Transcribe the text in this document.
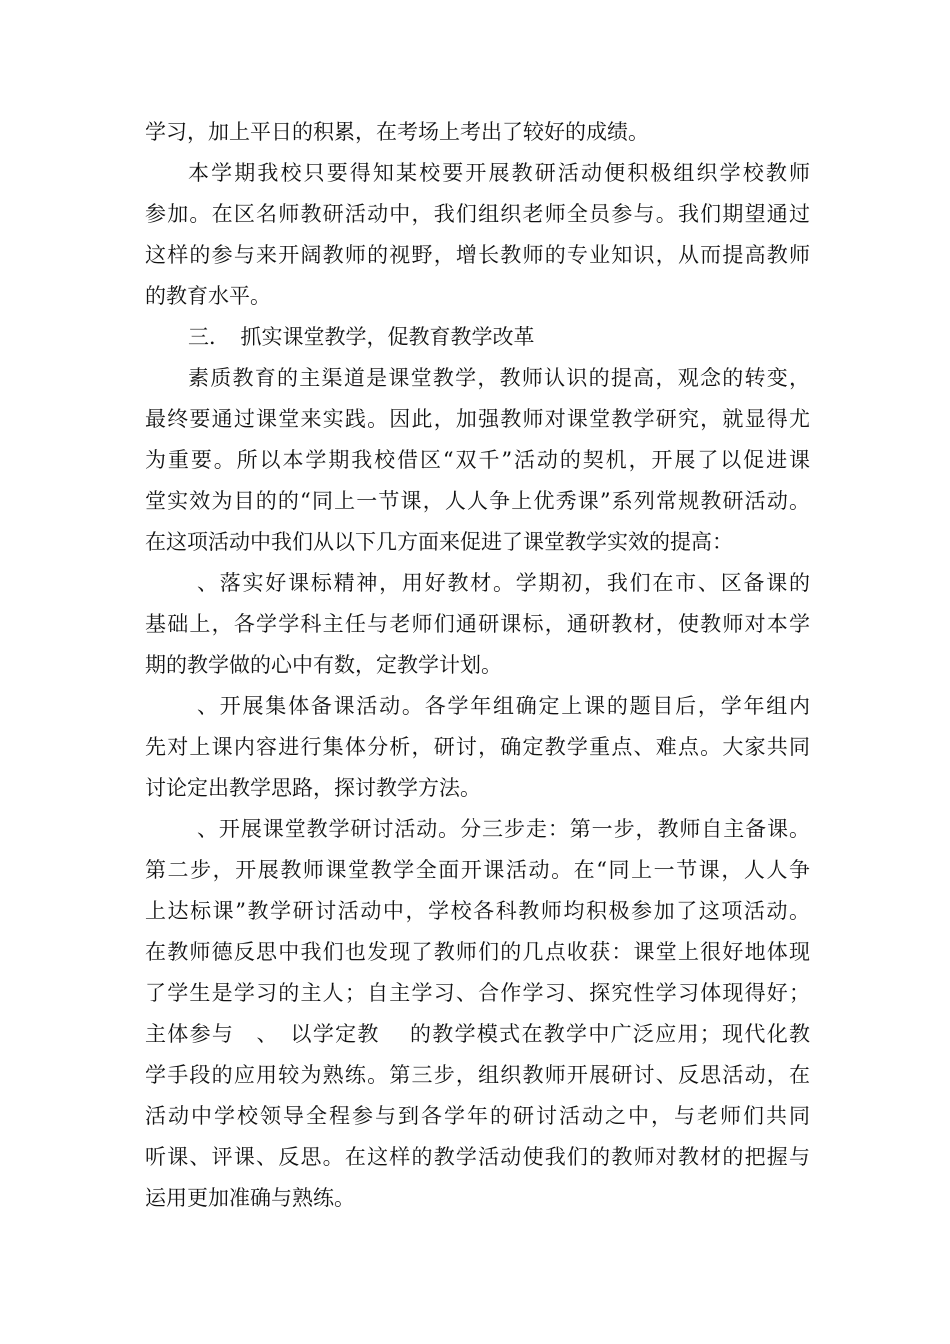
学习，加上平日的积累，在考场上考出了较好的成绩。
本学期我校只要得知某校要开展教研活动便积极组织学校教师
参加。在区名师教研活动中，我们组织老师全员参与。我们期望通过
这样的参与来开阔教师的视野，增长教师的专业知识，从而提高教师
的教育水平。
三．　抓实课堂教学，促教育教学改革
素质教育的主渠道是课堂教学，教师认识的提高，观念的转变，
最终要通过课堂来实践。因此，加强教师对课堂教学研究，就显得尤
为重要。所以本学期我校借区“双千”活动的契机，开展了以促进课
堂实效为目的的“同上一节课，人人争上优秀课”系列常规教研活动。
在这项活动中我们从以下几方面来促进了课堂教学实效的提高：
、落实好课标精神，用好教材。学期初，我们在市、区备课的
基础上，各学学科主任与老师们通研课标，通研教材，使教师对本学
期的教学做的心中有数，定教学计划。
、开展集体备课活动。各学年组确定上课的题目后，学年组内
先对上课内容进行集体分析，研讨，确定教学重点、难点。大家共同
讨论定出教学思路，探讨教学方法。
、开展课堂教学研讨活动。分三步走：第一步，教师自主备课。
第二步，开展教师课堂教学全面开课活动。在“同上一节课，人人争
上达标课”教学研讨活动中，学校各科教师均积极参加了这项活动。
在教师德反思中我们也发现了教师们的几点收获：课堂上很好地体现
了学生是学习的主人；自主学习、合作学习、探究性学习体现得好；
主体参与　、　以学定教　 的教学模式在教学中广泛应用；现代化教
学手段的应用较为熟练。第三步，组织教师开展研讨、反思活动，在
活动中学校领导全程参与到各学年的研讨活动之中，与老师们共同
听课、评课、反思。在这样的教学活动使我们的教师对教材的把握与
运用更加准确与熟练。
